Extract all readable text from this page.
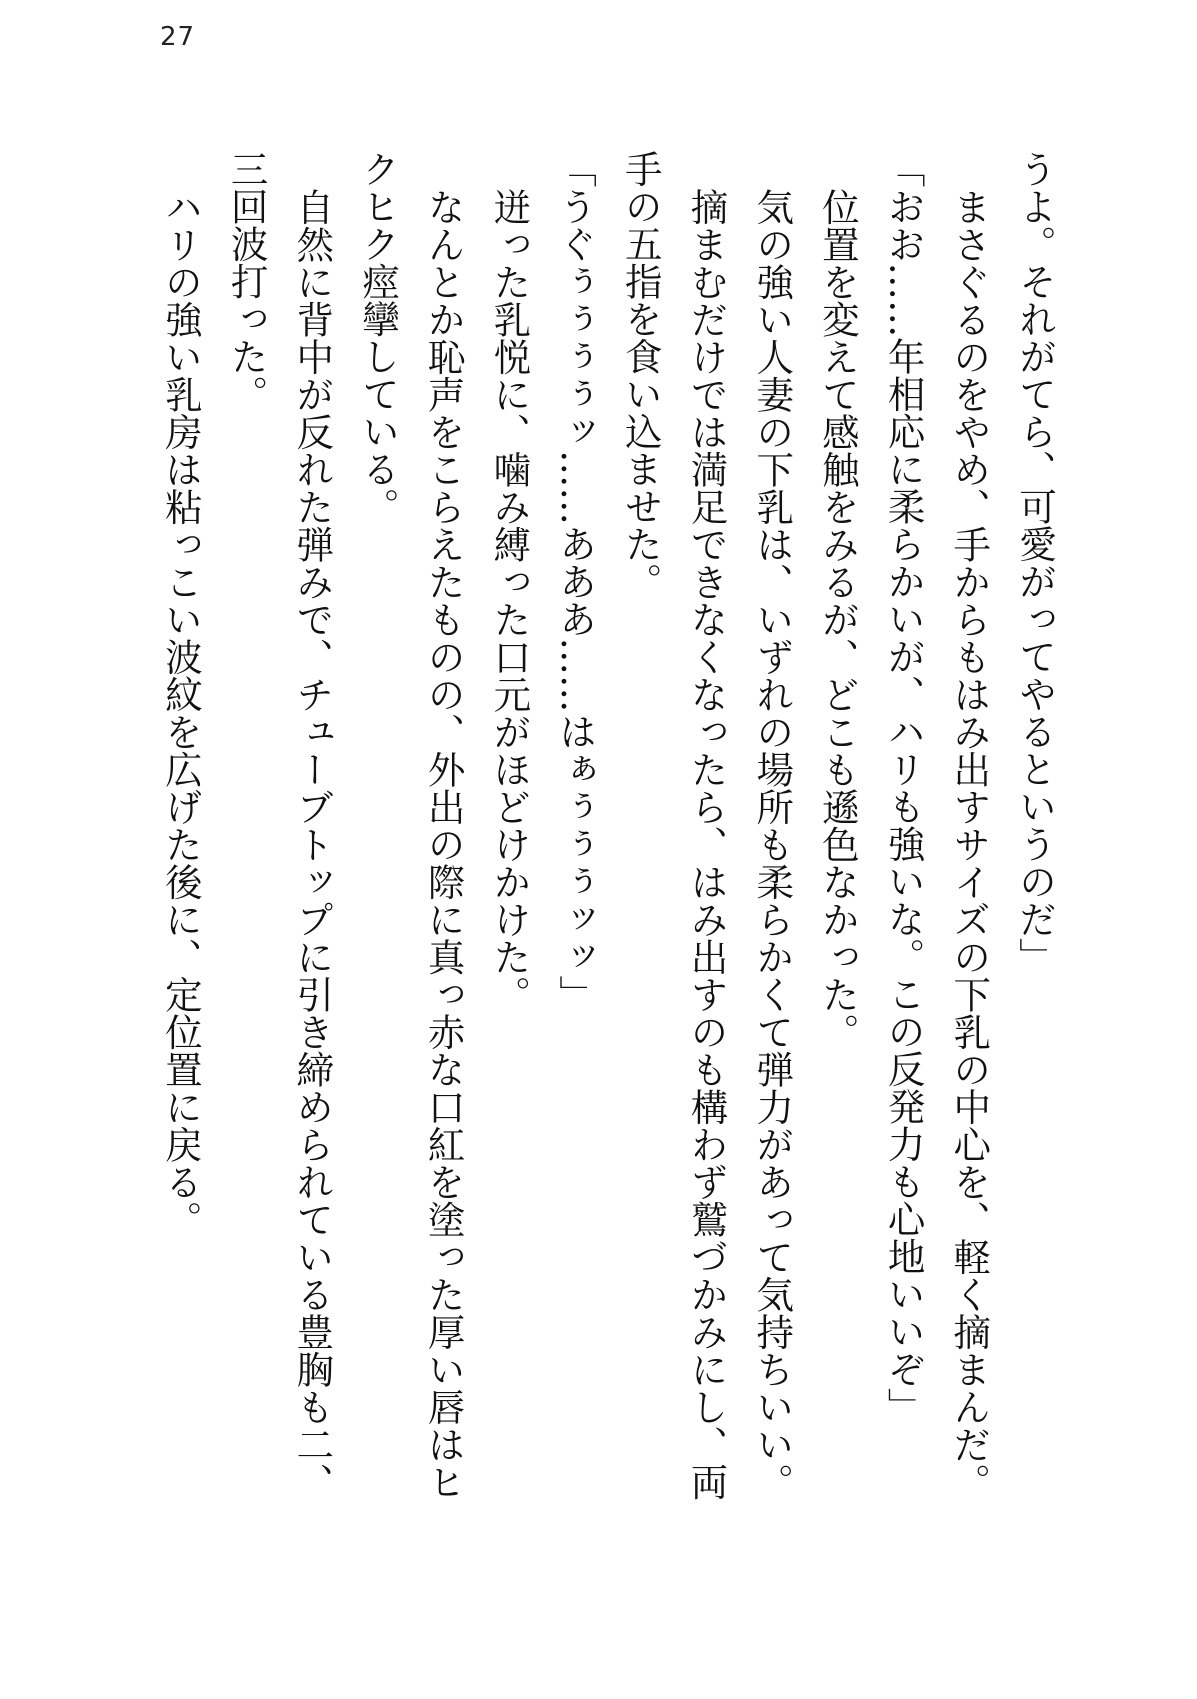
27
うよ。それがてら、可愛がってやるというのだ」
まさぐるのをやめ、手からもはみ出すサイズの下乳の中心を、軽く摘まんだ。
「おお……年相応に柔らかいが、ハリも強いな。この反発力も心地いいぞ」
位置を変えて感触をみるが、どこも遜色なかった。
気の強い人妻の下乳は、いずれの場所も柔らかくて弾力があって気持ちいい。
摘まむだけでは満足できなくなったら、はみ出すのも構わず鷲づかみにし、両
手の五指を食い込ませた。
「うぐぅぅぅぅッ……あああ……はぁぅぅぅッッ」
迸った乳悦に、噛み縛った口元がほどけかけた。
なんとか恥声をこらえたものの、外出の際に真っ赤な口紅を塗った厚い唇はヒ
クヒク痙攣している。
自然に背中が反れた弾みで、チューブトップに引き締められている豊胸も二、
三回波打った。
ハリの強い乳房は粘っこい波紋を広げた後に、定位置に戻る。
